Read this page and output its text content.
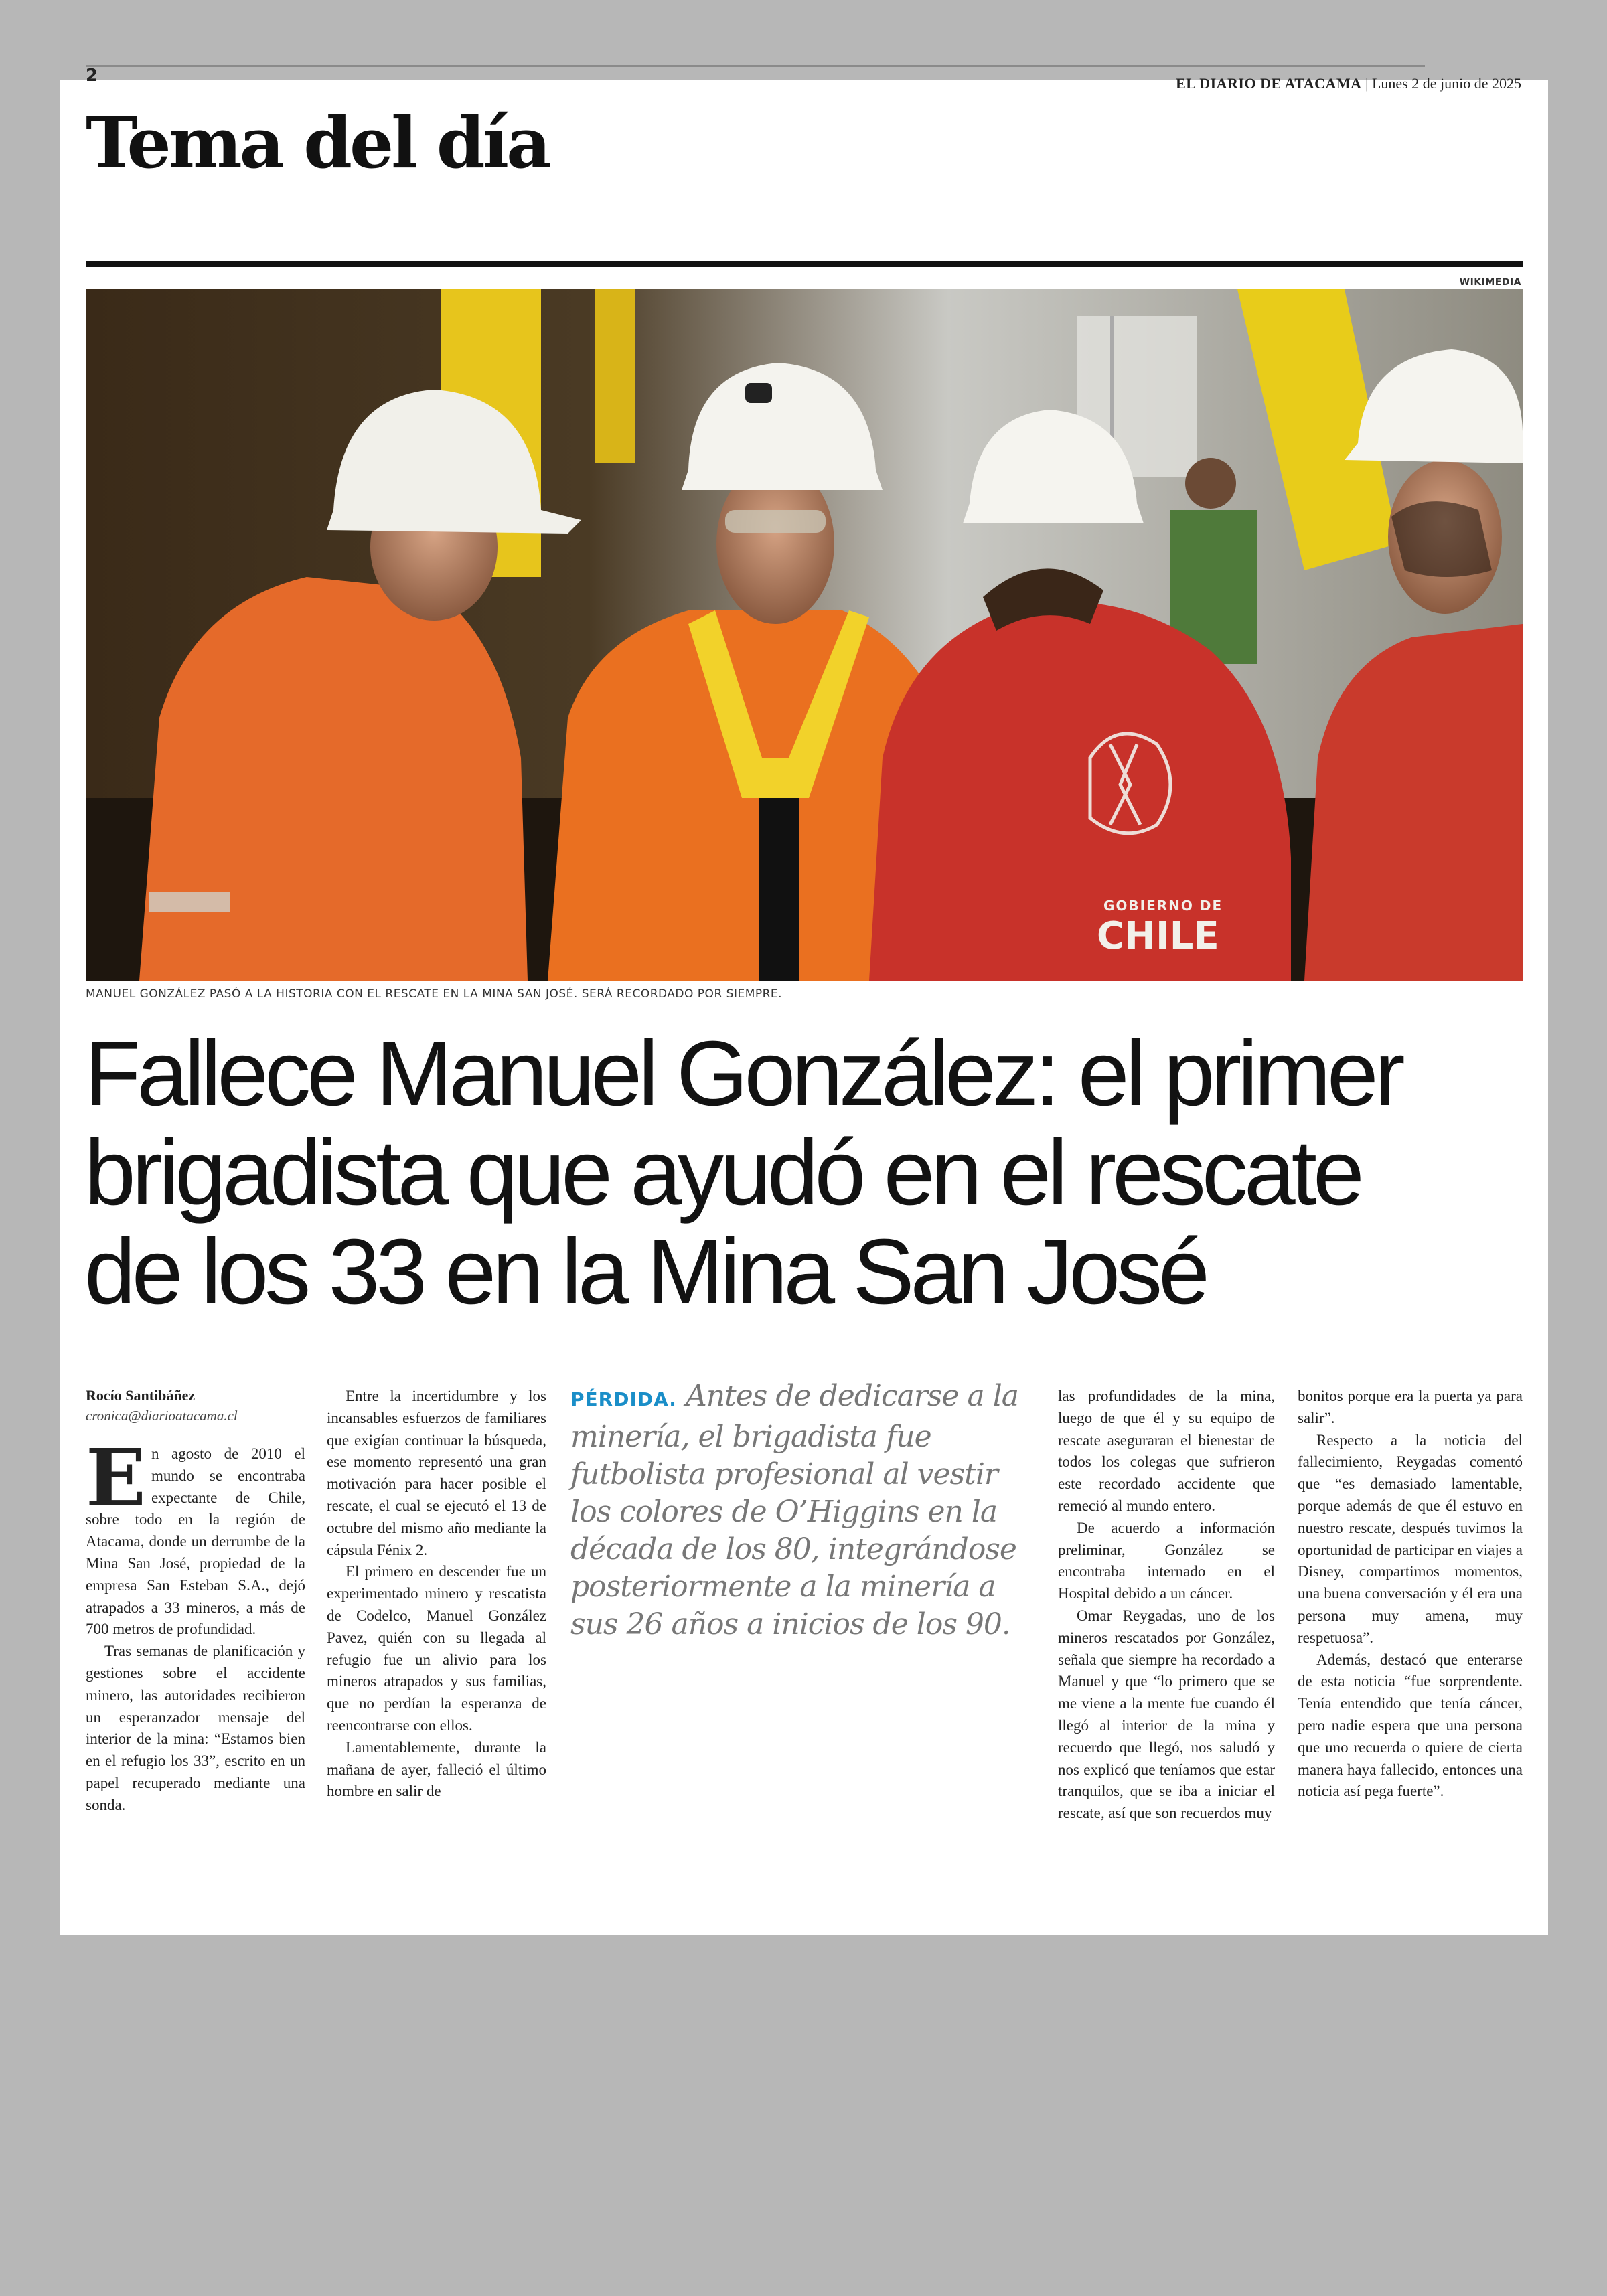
2	EL DIARIO DE ATACAMA | Lunes 2 de junio de 2025
Tema del día
WIKIMEDIA
GOBIERNO DE
CHILE
MANUEL GONZÁLEZ PASÓ A LA HISTORIA CON EL RESCATE EN LA MINA SAN JOSÉ. SERÁ RECORDADO POR SIEMPRE.
Fallece Manuel González: el primer
brigadista que ayudó en el rescate
de los 33 en la Mina San José
Rocío Santibáñez
cronica@diarioatacama.cl

En agosto de 2010 el mundo se encontraba expectante de Chile, sobre todo en la región de Atacama, donde un derrumbe de la Mina San José, propiedad de la empresa San Esteban S.A., dejó atrapados a 33 mineros, a más de 700 metros de profundidad.

Tras semanas de planificación y gestiones sobre el accidente minero, las autoridades recibieron un esperanzador mensaje del interior de la mina: “Estamos bien en el refugio los 33”, escrito en un papel recuperado mediante una sonda.

Entre la incertidumbre y los incansables esfuerzos de familiares que exigían continuar la búsqueda, ese momento representó una gran motivación para hacer posible el rescate, el cual se ejecutó el 13 de octubre del mismo año mediante la cápsula Fénix 2.

El primero en descender fue un experimentado minero y rescatista de Codelco, Manuel González Pavez, quién con su llegada al refugio fue un alivio para los mineros atrapados y sus familias, que no perdían la esperanza de reencontrarse con ellos.

Lamentablemente, durante la mañana de ayer, falleció el último hombre en salir de

PÉRDIDA. Antes de dedicarse a la minería, el brigadista fue futbolista profesional al vestir los colores de O’Higgins en la década de los 80, integrándose posteriormente a la minería a sus 26 años a inicios de los 90.

las profundidades de la mina, luego de que él y su equipo de rescate aseguraran el bienestar de todos los colegas que sufrieron este recordado accidente que remeció al mundo entero.

De acuerdo a información preliminar, González se encontraba internado en el Hospital debido a un cáncer.

Omar Reygadas, uno de los mineros rescatados por González, señala que siempre ha recordado a Manuel y que “lo primero que se me viene a la mente fue cuando él llegó al interior de la mina y recuerdo que llegó, nos saludó y nos explicó que teníamos que estar tranquilos, que se iba a iniciar el rescate, así que son recuerdos muy

bonitos porque era la puerta ya para salir”.

Respecto a la noticia del fallecimiento, Reygadas comentó que “es demasiado lamentable, porque además de que él estuvo en nuestro rescate, después tuvimos la oportunidad de participar en viajes a Disney, compartimos momentos, una buena conversación y él era una persona muy amena, muy respetuosa”.

Además, destacó que enterarse de esta noticia “fue sorprendente. Tenía entendido que tenía cáncer, pero nadie espera que una persona que uno recuerda o quiere de cierta manera haya fallecido, entonces una noticia así pega fuerte”.
